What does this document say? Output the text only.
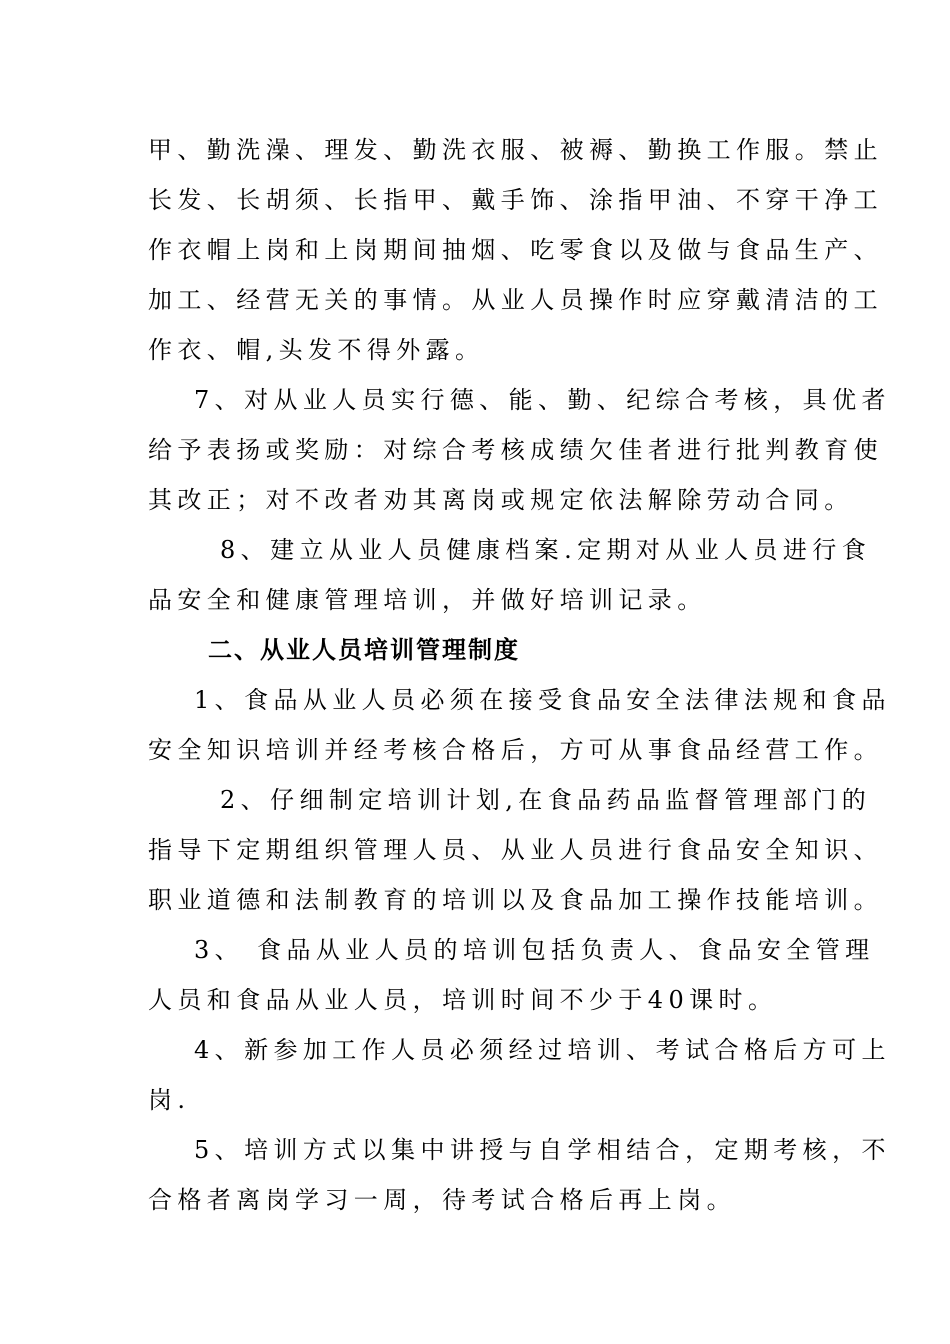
甲、勤洗澡、理发、勤洗衣服、被褥、勤换工作服。禁止
长发、长胡须、长指甲、戴手饰、涂指甲油、不穿干净工
作衣帽上岗和上岗期间抽烟、吃零食以及做与食品生产、
加工、经营无关的事情。从业人员操作时应穿戴清洁的工
作衣、帽,头发不得外露。
7、对从业人员实行德、能、勤、纪综合考核，具优者
给予表扬或奖励：对综合考核成绩欠佳者进行批判教育使
其改正；对不改者劝其离岗或规定依法解除劳动合同。
8、建立从业人员健康档案.定期对从业人员进行食
品安全和健康管理培训，并做好培训记录。
二、从业人员培训管理制度
1、食品从业人员必须在接受食品安全法律法规和食品
安全知识培训并经考核合格后，方可从事食品经营工作。
2、仔细制定培训计划,在食品药品监督管理部门的
指导下定期组织管理人员、从业人员进行食品安全知识、
职业道德和法制教育的培训以及食品加工操作技能培训。
3、 食品从业人员的培训包括负责人、食品安全管理
人员和食品从业人员，培训时间不少于40课时。
4、新参加工作人员必须经过培训、考试合格后方可上
岗.
5、培训方式以集中讲授与自学相结合，定期考核，不
合格者离岗学习一周，待考试合格后再上岗。
